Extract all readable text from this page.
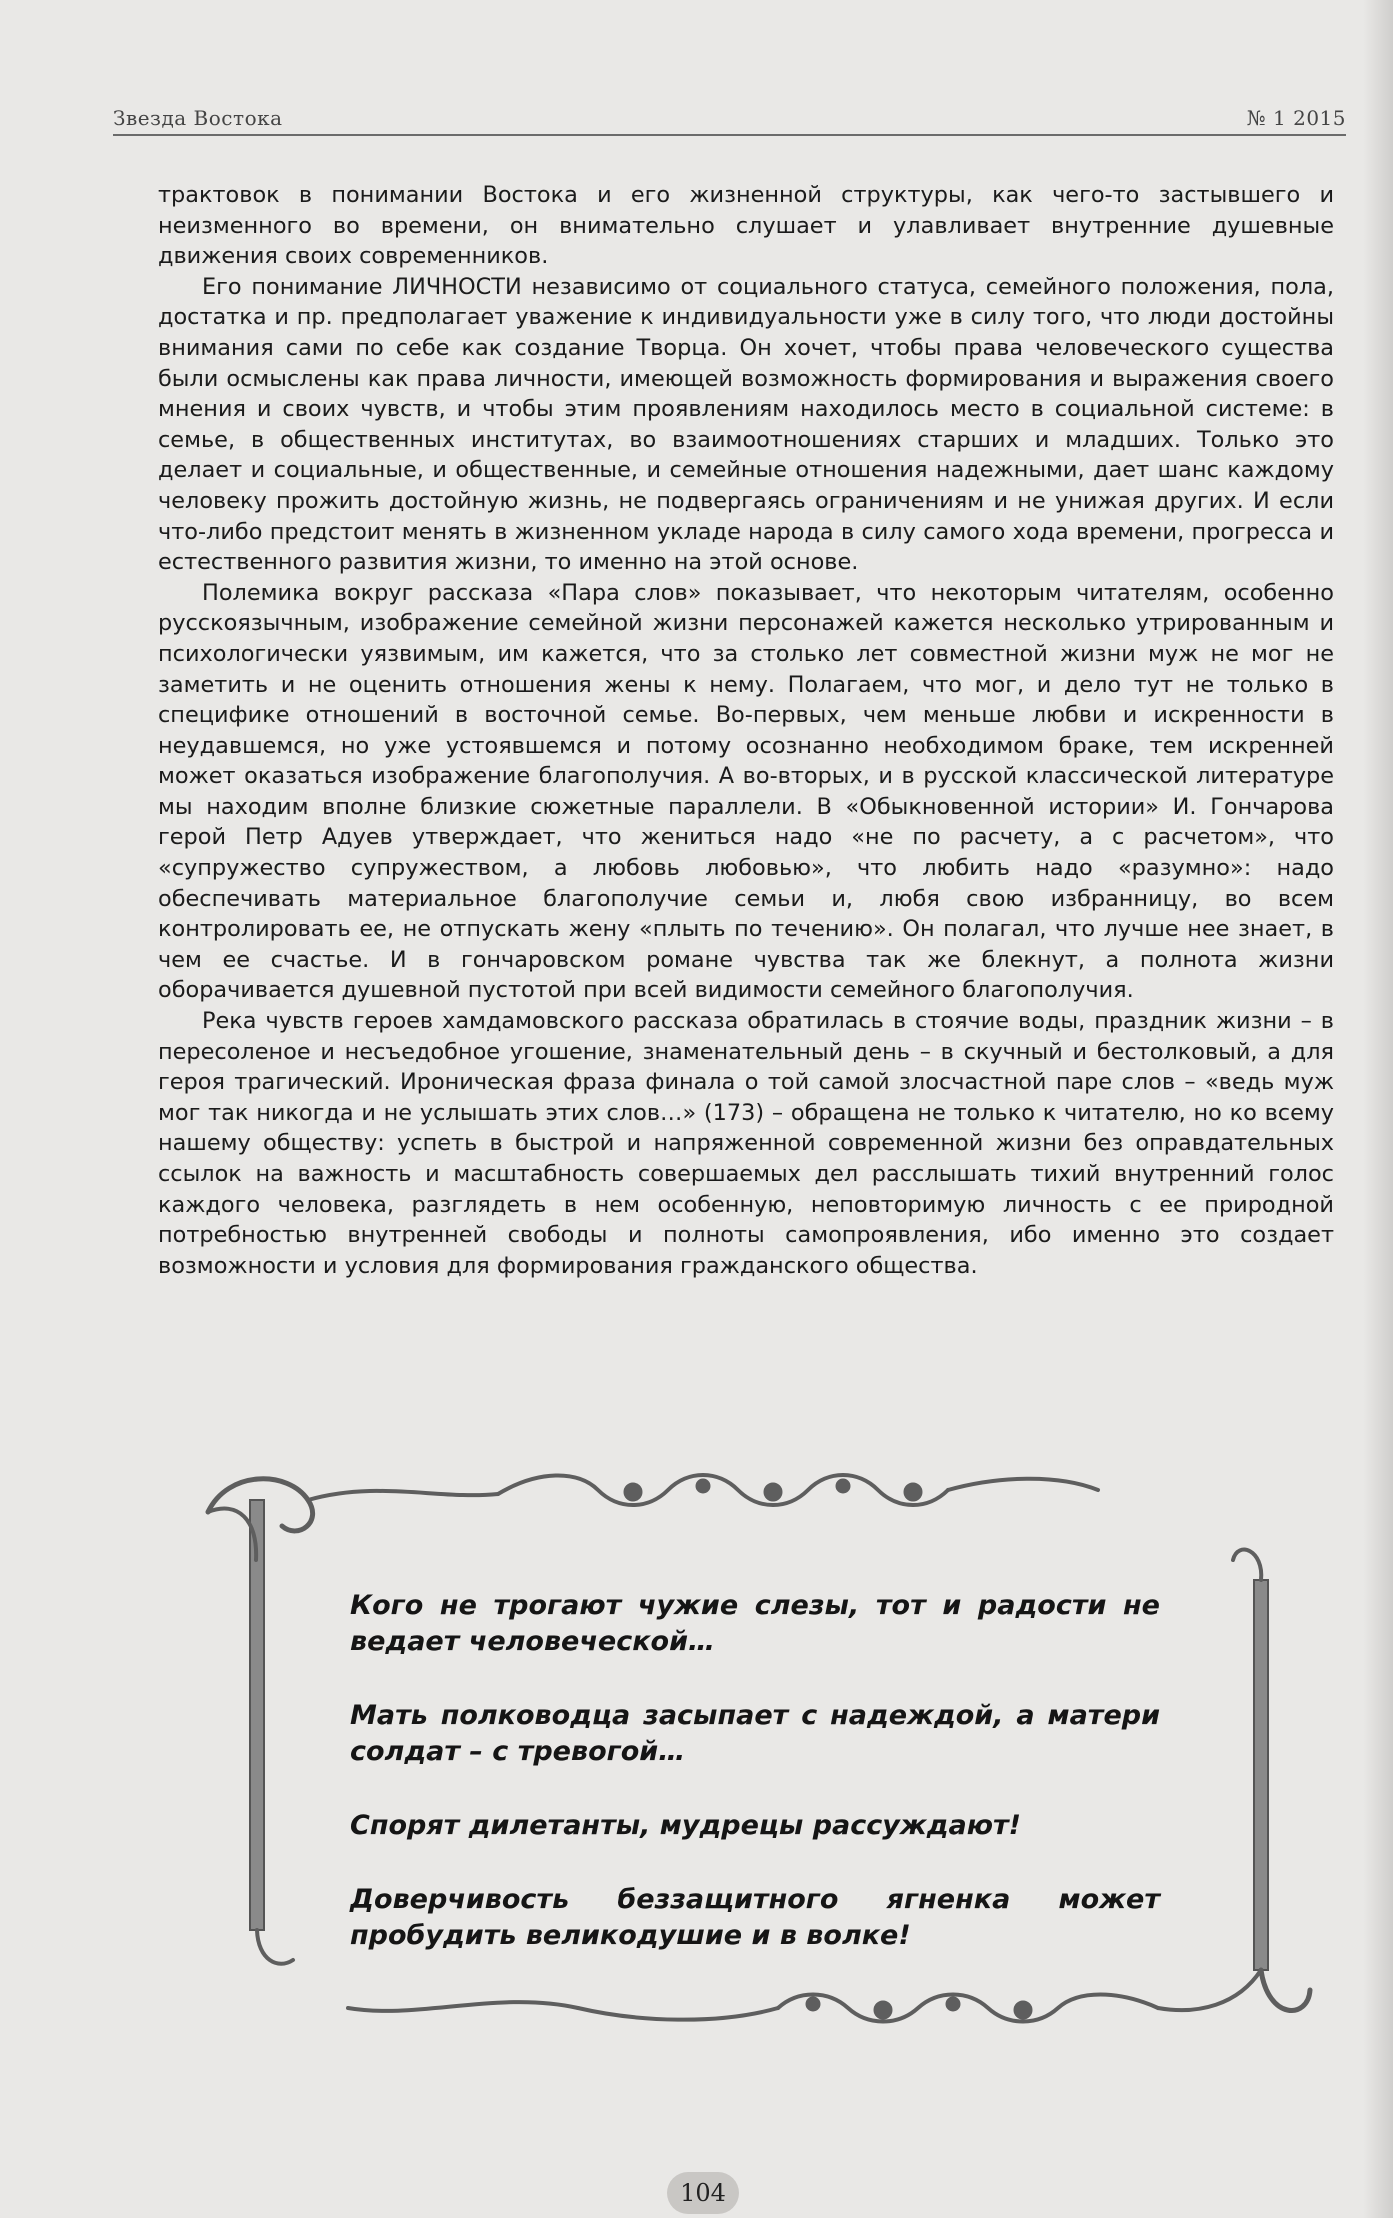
Звезда Востока	№ 1 2015

трактовок в понимании Востока и его жизненной структуры, как чего-то застывшего и неизменного во времени, он внимательно слушает и улавливает внутренние душевные движения своих современников.

Его понимание ЛИЧНОСТИ независимо от социального статуса, семейного положения, пола, достатка и пр. предполагает уважение к индивидуальности уже в силу того, что люди достойны внимания сами по себе как создание Творца. Он хочет, чтобы права человеческого существа были осмыслены как права личности, имеющей возможность формирования и выражения своего мнения и своих чувств, и чтобы этим проявлениям находилось место в социальной системе: в семье, в общественных институтах, во взаимоотношениях старших и младших. Только это делает и социальные, и общественные, и семейные отношения надежными, дает шанс каждому человеку прожить достойную жизнь, не подвергаясь ограничениям и не унижая других. И если что-либо предстоит менять в жизненном укладе народа в силу самого хода времени, прогресса и естественного развития жизни, то именно на этой основе.

Полемика вокруг рассказа «Пара слов» показывает, что некоторым читателям, особенно русскоязычным, изображение семейной жизни персонажей кажется несколько утрированным и психологически уязвимым, им кажется, что за столько лет совместной жизни муж не мог не заметить и не оценить отношения жены к нему. Полагаем, что мог, и дело тут не только в специфике отношений в восточной семье. Во-первых, чем меньше любви и искренности в неудавшемся, но уже устоявшемся и потому осознанно необходимом браке, тем искренней может оказаться изображение благополучия. А во-вторых, и в русской классической литературе мы находим вполне близкие сюжетные параллели. В «Обыкновенной истории» И. Гончарова герой Петр Адуев утверждает, что жениться надо «не по расчету, а с расчетом», что «супружество супружеством, а любовь любовью», что любить надо «разумно»: надо обеспечивать материальное благополучие семьи и, любя свою избранницу, во всем контролировать ее, не отпускать жену «плыть по течению». Он полагал, что лучше нее знает, в чем ее счастье. И в гончаровском романе чувства так же блекнут, а полнота жизни оборачивается душевной пустотой при всей видимости семейного благополучия.

Река чувств героев хамдамовского рассказа обратилась в стоячие воды, праздник жизни – в пересоленое и несъедобное угошение, знаменательный день – в скучный и бестолковый, а для героя трагический. Ироническая фраза финала о той самой злосчастной паре слов – «ведь муж мог так никогда и не услышать этих слов…» (173) – обращена не только к читателю, но ко всему нашему обществу: успеть в быстрой и напряженной современной жизни без оправдательных ссылок на важность и масштабность совершаемых дел расслышать тихий внутренний голос каждого человека, разглядеть в нем особенную, неповторимую личность с ее природной потребностью внутренней свободы и полноты самопроявления, ибо именно это создает возможности и условия для формирования гражданского общества.

Кого не трогают чужие слезы, тот и радости не ведает человеческой…

Мать полководца засыпает с надеждой, а матери солдат – с тревогой…

Спорят дилетанты, мудрецы рассуждают!

Доверчивость беззащитного ягненка может пробудить великодушие и в волке!

104
